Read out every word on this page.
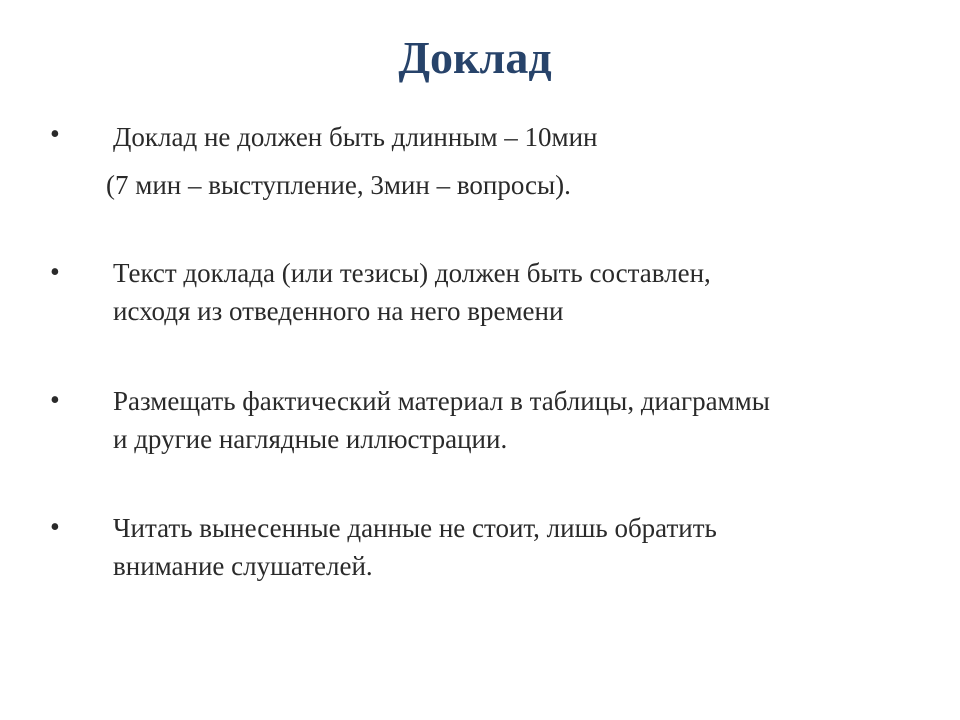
Доклад
•	Доклад не должен быть длинным – 10мин
(7 мин – выступление, 3мин – вопросы).
•	Текст доклада (или тезисы) должен быть составлен,
исходя из отведенного на него времени
•	Размещать фактический материал в таблицы, диаграммы
и другие наглядные иллюстрации.
•	Читать вынесенные данные не стоит, лишь обратить
внимание слушателей.
